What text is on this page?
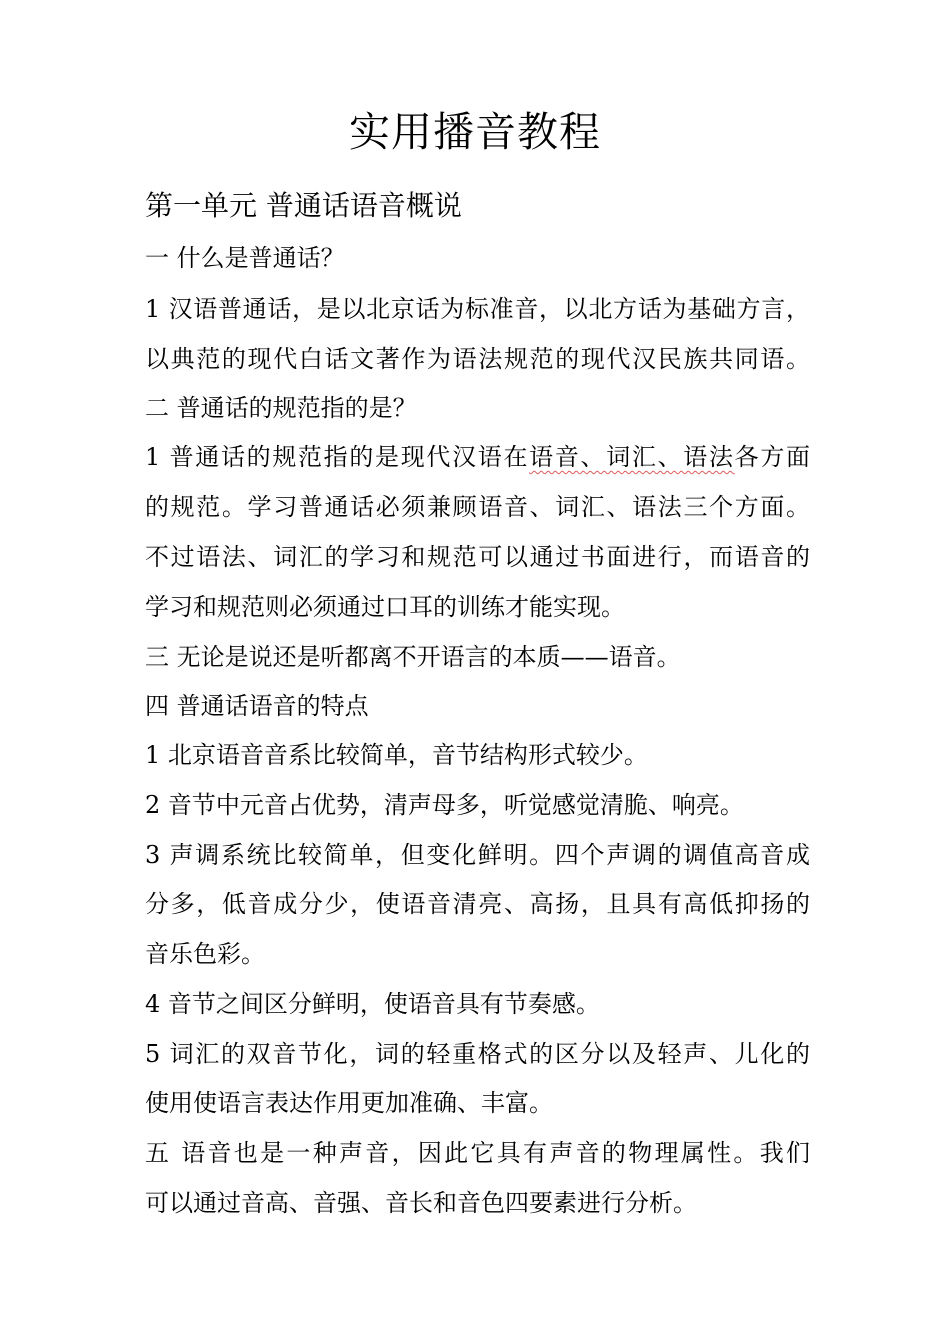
实用播音教程
第一单元 普通话语音概说
一 什么是普通话？
1 汉语普通话，是以北京话为标准音，以北方话为基础方言，
以典范的现代白话文著作为语法规范的现代汉民族共同语。
二 普通话的规范指的是？
1 普通话的规范指的是现代汉语在语音、词汇、语法各方面
的规范。学习普通话必须兼顾语音、词汇、语法三个方面。
不过语法、词汇的学习和规范可以通过书面进行，而语音的
学习和规范则必须通过口耳的训练才能实现。
三 无论是说还是听都离不开语言的本质——语音。
四 普通话语音的特点
1 北京语音音系比较简单，音节结构形式较少。
2 音节中元音占优势，清声母多，听觉感觉清脆、响亮。
3 声调系统比较简单，但变化鲜明。四个声调的调值高音成
分多，低音成分少，使语音清亮、高扬，且具有高低抑扬的
音乐色彩。
4 音节之间区分鲜明，使语音具有节奏感。
5 词汇的双音节化，词的轻重格式的区分以及轻声、儿化的
使用使语言表达作用更加准确、丰富。
五 语音也是一种声音，因此它具有声音的物理属性。我们
可以通过音高、音强、音长和音色四要素进行分析。
